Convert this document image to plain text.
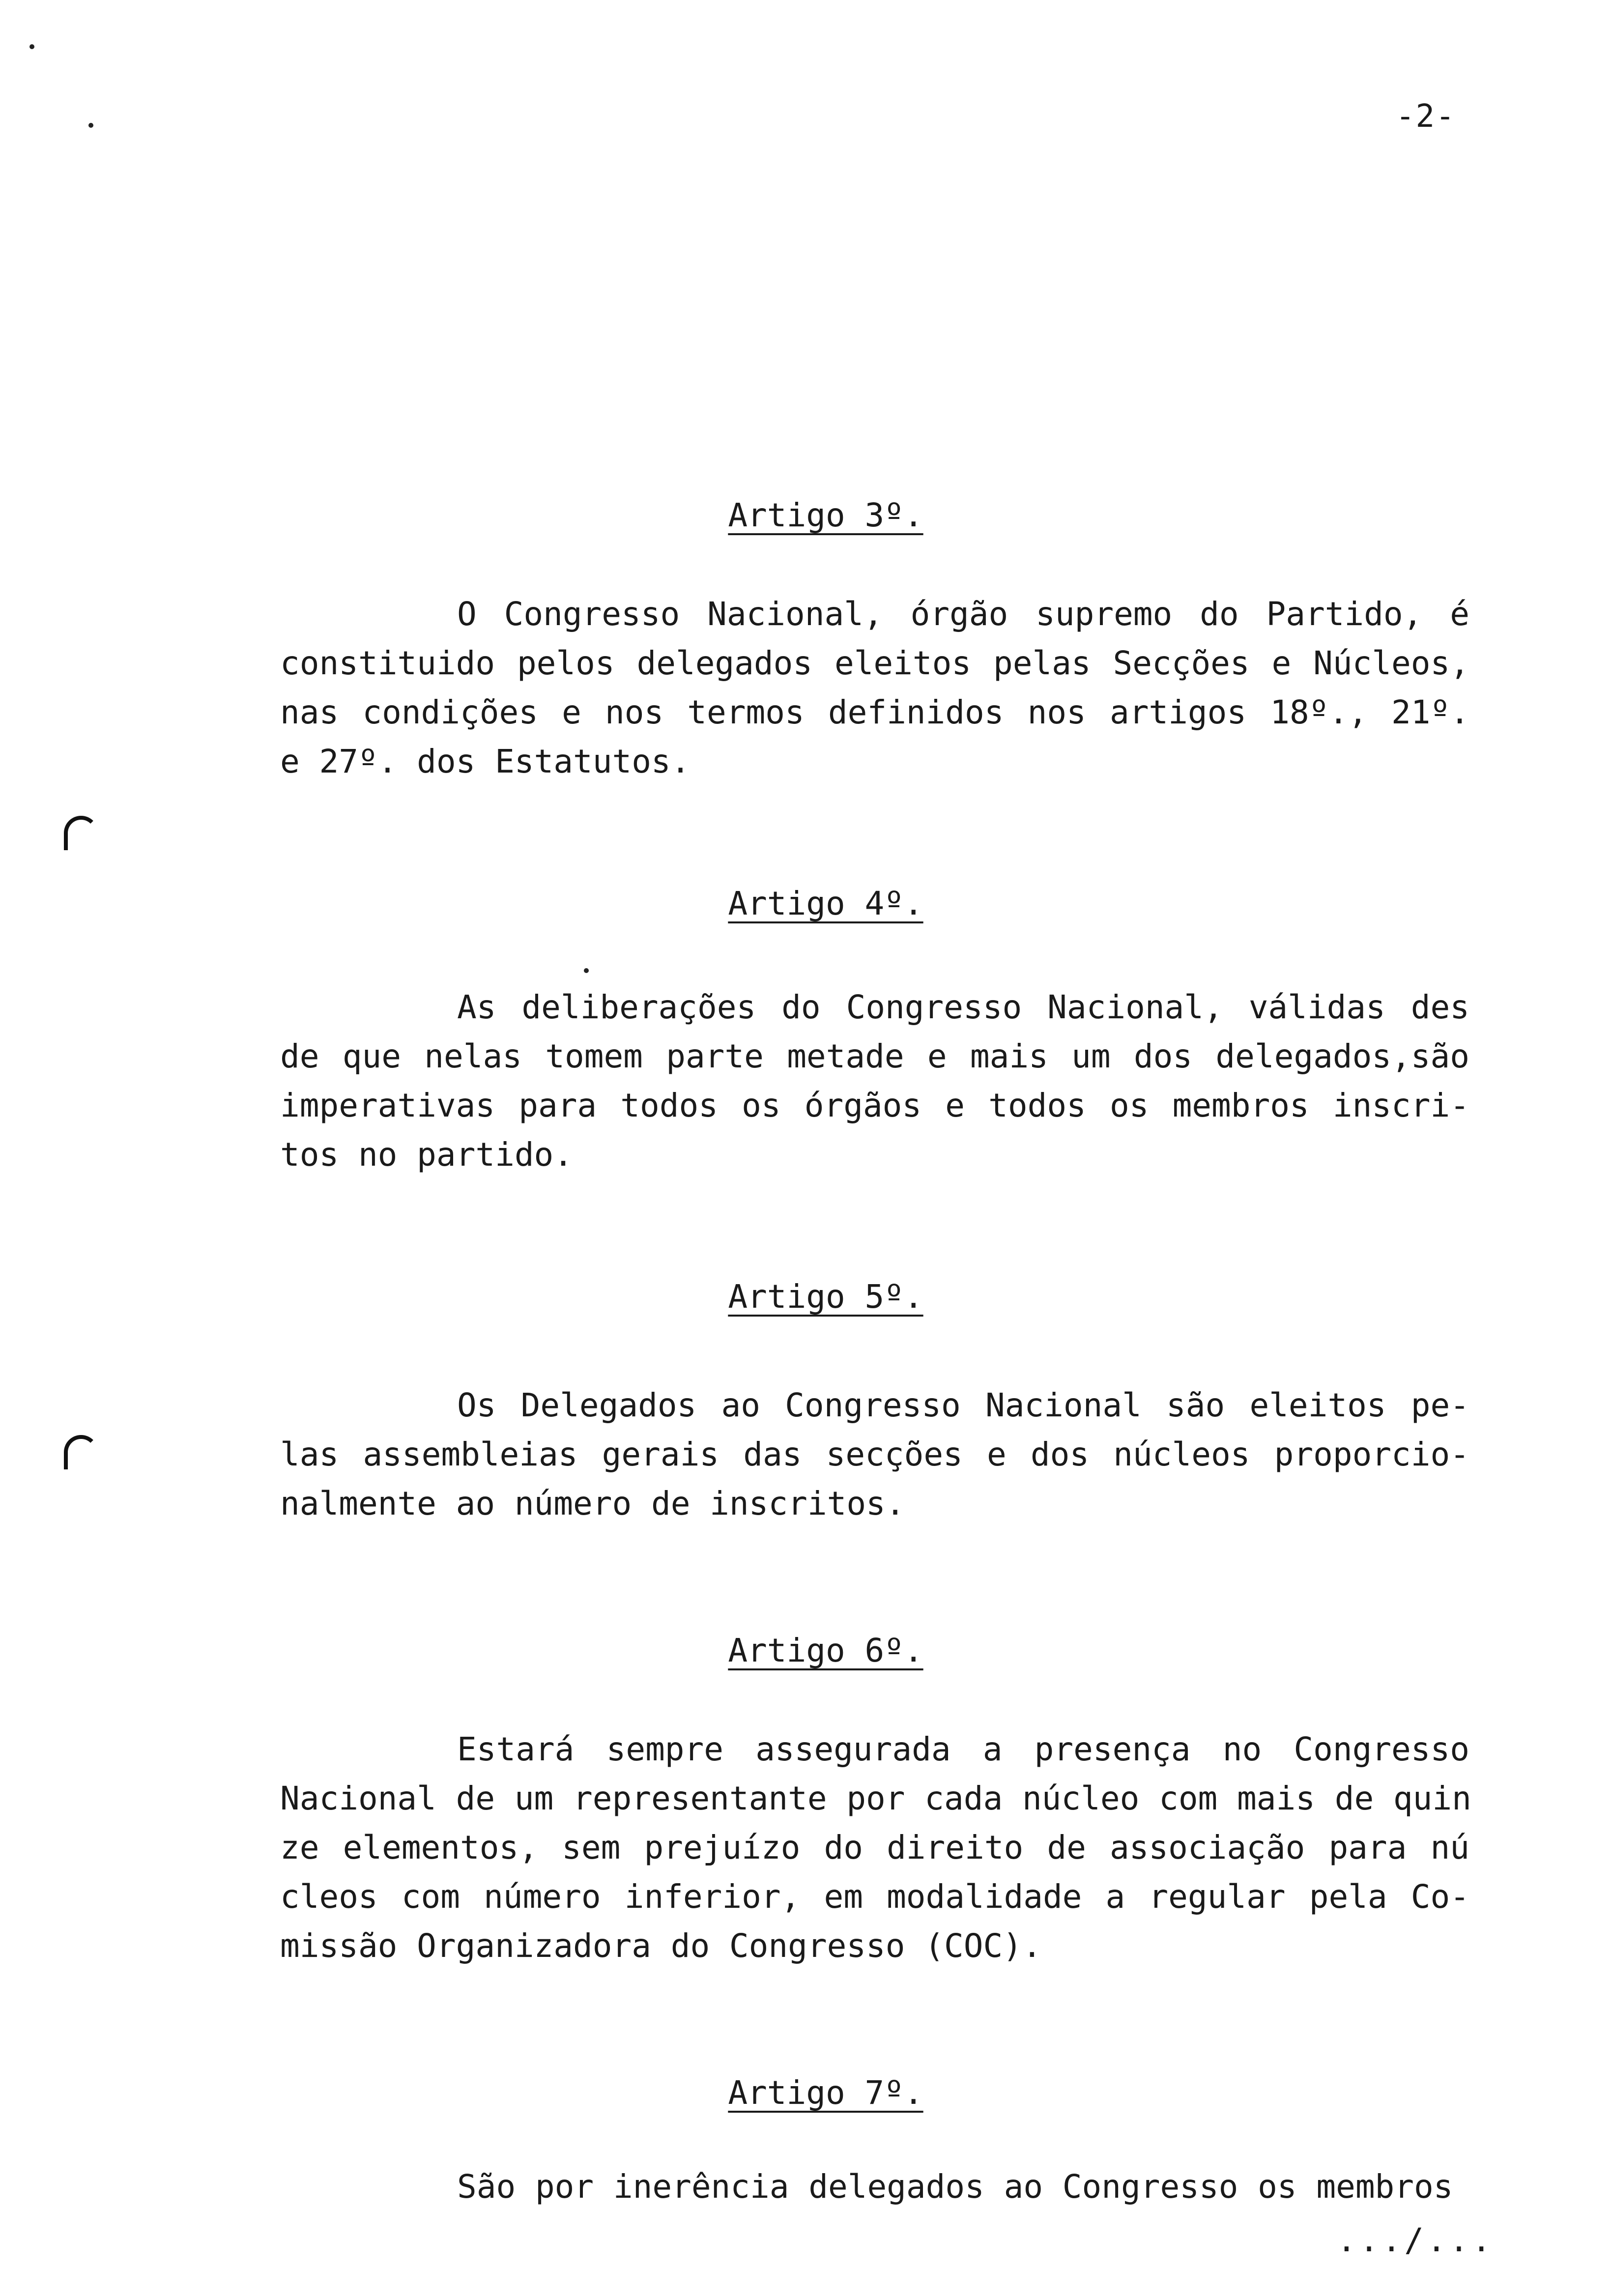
-2-
Artigo 3º.
O Congresso Nacional, órgão supremo do Partido, é
constituido pelos delegados eleitos pelas Secções e Núcleos,
nas condições e nos termos definidos nos artigos 18º., 21º.
e 27º. dos Estatutos.
Artigo 4º.
As deliberações do Congresso Nacional, válidas des
de que nelas tomem parte metade e mais um dos delegados,são
imperativas para todos os órgãos e todos os membros inscri-
tos no partido.
Artigo 5º.
Os Delegados ao Congresso Nacional são eleitos pe-
las assembleias gerais das secções e dos núcleos proporcio-
nalmente ao número de inscritos.
Artigo 6º.
Estará sempre assegurada a presença no Congresso
Nacional de um representante por cada núcleo com mais de quin
ze elementos, sem prejuízo do direito de associação para nú
cleos com número inferior, em modalidade a regular pela Co-
missão Organizadora do Congresso (COC).
Artigo 7º.
São por inerência delegados ao Congresso os membros
.../...
